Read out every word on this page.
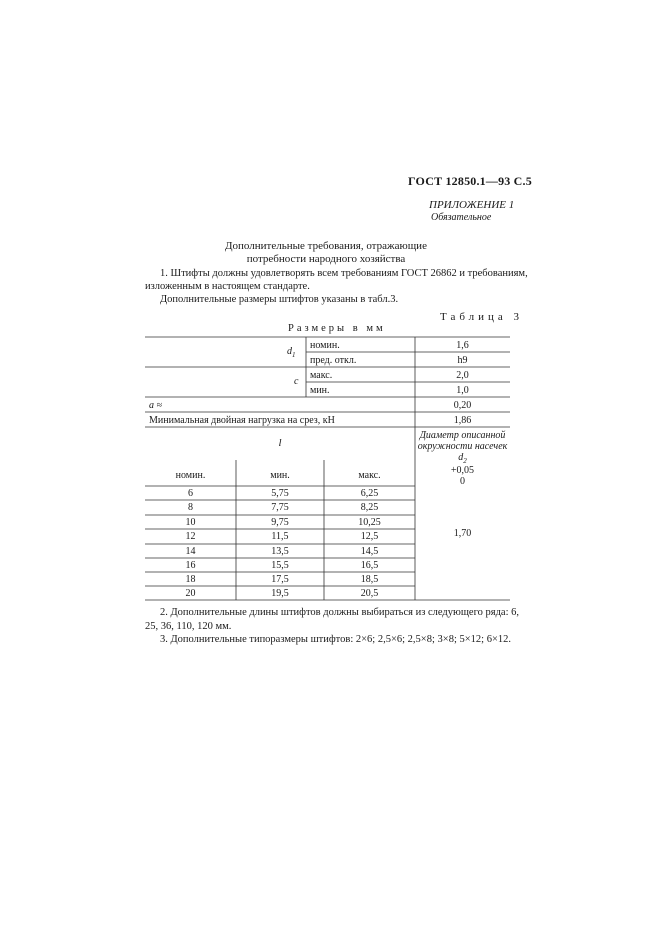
ГОСТ 12850.1—93 С.5
ПРИЛОЖЕНИЕ 1
Обязательное
Дополнительные требования, отражающие
потребности народного хозяйства
1. Штифты должны удовлетворять всем требованиям ГОСТ 26862 и требованиям,
изложенным в настоящем стандарте.
Дополнительные размеры штифтов указаны в табл.3.
Таблица 3
Размеры в мм
$d_1$
номин.	1,6
пред. откл.	h9
c
макс.	2,0
мин.	1,0
a ≈	0,20
Минимальная двойная нагрузка на срез, кН	1,86
l
номин.	мин.	макс.
Диаметр описанной
окружности насечек
$d_2$
+0,05
0
1,70
6	5,75	6,25
8	7,75	8,25
10	9,75	10,25
12	11,5	12,5
14	13,5	14,5
16	15,5	16,5
18	17,5	18,5
20	19,5	20,5
2. Дополнительные длины штифтов должны выбираться из следующего ряда: 6,
25, 36, 110, 120 мм.
3. Дополнительные типоразмеры штифтов: 2×6; 2,5×6; 2,5×8; 3×8; 5×12; 6×12.
